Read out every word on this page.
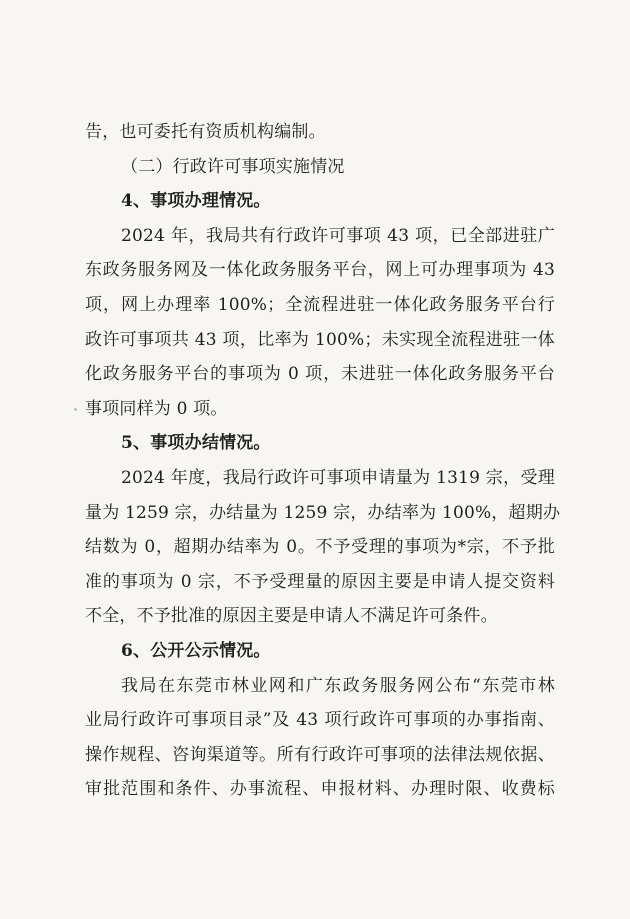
告，也可委托有资质机构编制。
（二）行政许可事项实施情况
4、事项办理情况。
2024 年，我局共有行政许可事项 43 项，已全部进驻广
东政务服务网及一体化政务服务平台，网上可办理事项为 43
项，网上办理率 100%；全流程进驻一体化政务服务平台行
政许可事项共 43 项，比率为 100%；未实现全流程进驻一体
化政务服务平台的事项为 0 项，未进驻一体化政务服务平台
事项同样为 0 项。
5、事项办结情况。
2024 年度，我局行政许可事项申请量为 1319 宗，受理
量为 1259 宗，办结量为 1259 宗，办结率为 100%，超期办
结数为 0，超期办结率为 0。不予受理的事项为*宗，不予批
准的事项为 0 宗，不予受理量的原因主要是申请人提交资料
不全，不予批准的原因主要是申请人不满足许可条件。
6、公开公示情况。
我局在东莞市林业网和广东政务服务网公布“东莞市林
业局行政许可事项目录”及 43 项行政许可事项的办事指南、
操作规程、咨询渠道等。所有行政许可事项的法律法规依据、
审批范围和条件、办事流程、申报材料、办理时限、收费标
